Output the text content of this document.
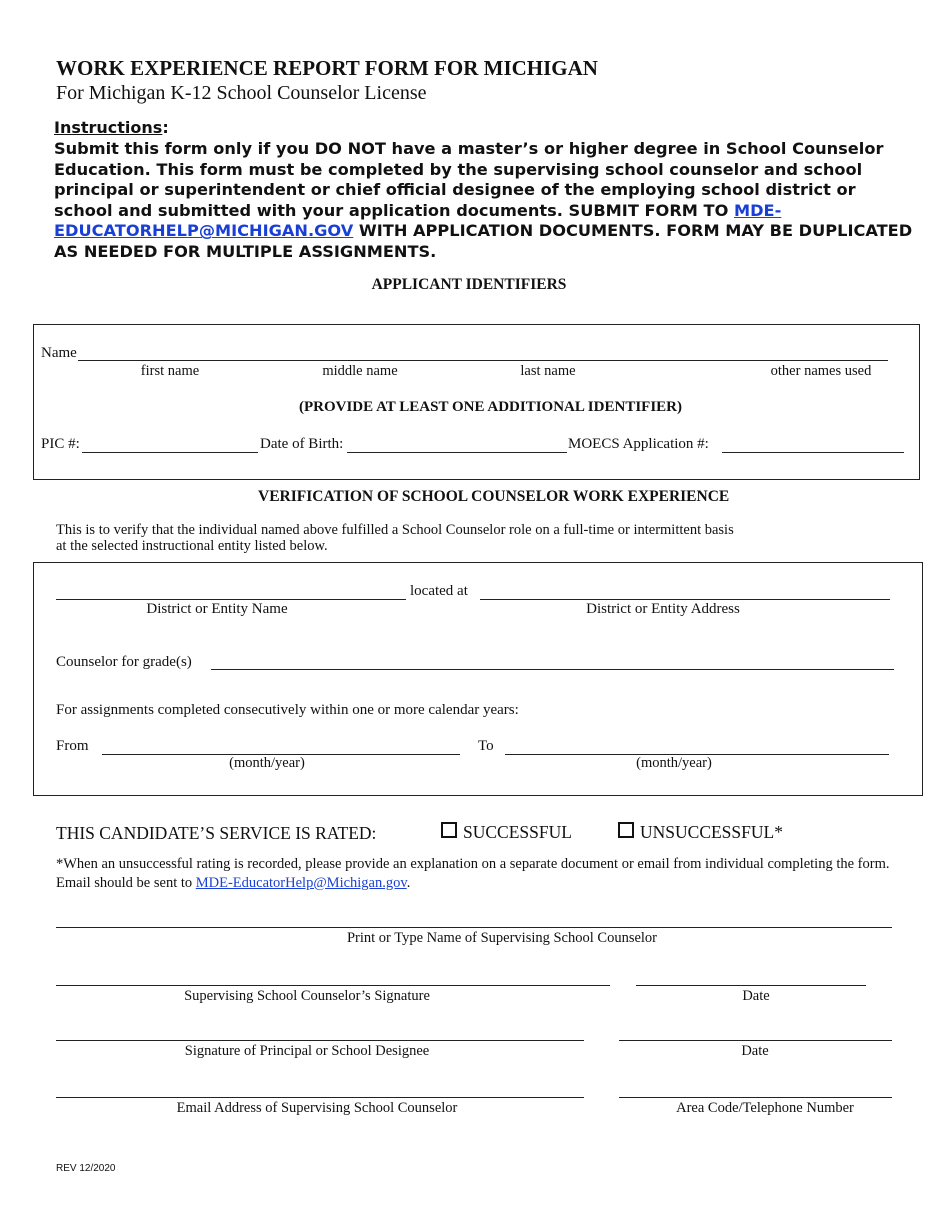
WORK EXPERIENCE REPORT FORM FOR MICHIGAN
For Michigan K-12 School Counselor License
Instructions:
Submit this form only if you DO NOT have a master’s or higher degree in School Counselor Education. This form must be completed by the supervising school counselor and school principal or superintendent or chief official designee of the employing school district or school and submitted with your application documents. SUBMIT FORM TO MDE-EDUCATORHELP@MICHIGAN.GOV WITH APPLICATION DOCUMENTS. FORM MAY BE DUPLICATED AS NEEDED FOR MULTIPLE ASSIGNMENTS.
APPLICANT IDENTIFIERS
Name
first name	middle name	last name	other names used
(PROVIDE AT LEAST ONE ADDITIONAL IDENTIFIER)
PIC #:	Date of Birth:	MOECS Application #:
VERIFICATION OF SCHOOL COUNSELOR WORK EXPERIENCE
This is to verify that the individual named above fulfilled a School Counselor role on a full-time or intermittent basis
at the selected instructional entity listed below.
located at
District or Entity Name	District or Entity Address
Counselor for grade(s)
For assignments completed consecutively within one or more calendar years:
From	To
(month/year)	(month/year)
THIS CANDIDATE’S SERVICE IS RATED:	SUCCESSFUL	UNSUCCESSFUL*
*When an unsuccessful rating is recorded, please provide an explanation on a separate document or email from individual completing the form. Email should be sent to MDE-EducatorHelp@Michigan.gov.
Print or Type Name of Supervising School Counselor
Supervising School Counselor’s Signature	Date
Signature of Principal or School Designee	Date
Email Address of Supervising School Counselor	Area Code/Telephone Number
REV 12/2020
